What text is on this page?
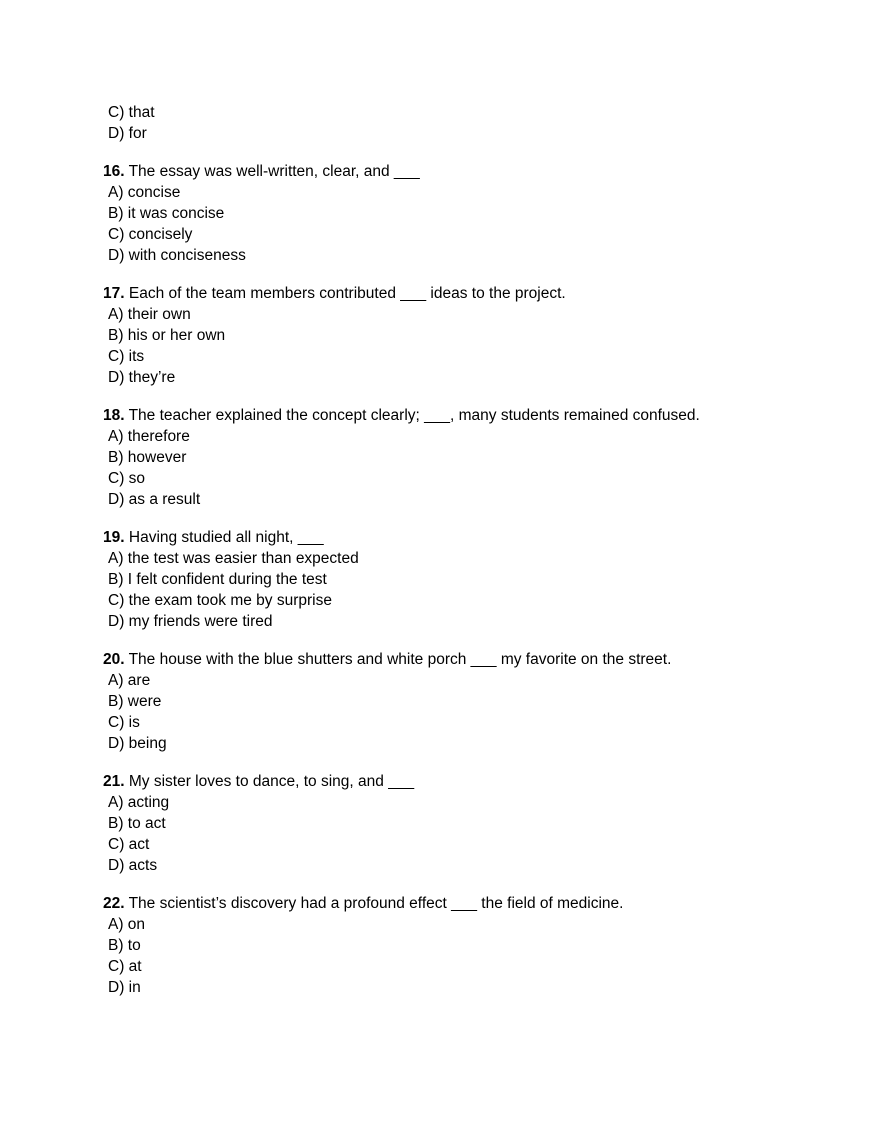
C) that
D) for
16. The essay was well-written, clear, and ___
A) concise
B) it was concise
C) concisely
D) with conciseness
17. Each of the team members contributed ___ ideas to the project.
A) their own
B) his or her own
C) its
D) they’re
18. The teacher explained the concept clearly; ___, many students remained confused.
A) therefore
B) however
C) so
D) as a result
19. Having studied all night, ___
A) the test was easier than expected
B) I felt confident during the test
C) the exam took me by surprise
D) my friends were tired
20. The house with the blue shutters and white porch ___ my favorite on the street.
A) are
B) were
C) is
D) being
21. My sister loves to dance, to sing, and ___
A) acting
B) to act
C) act
D) acts
22. The scientist’s discovery had a profound effect ___ the field of medicine.
A) on
B) to
C) at
D) in
